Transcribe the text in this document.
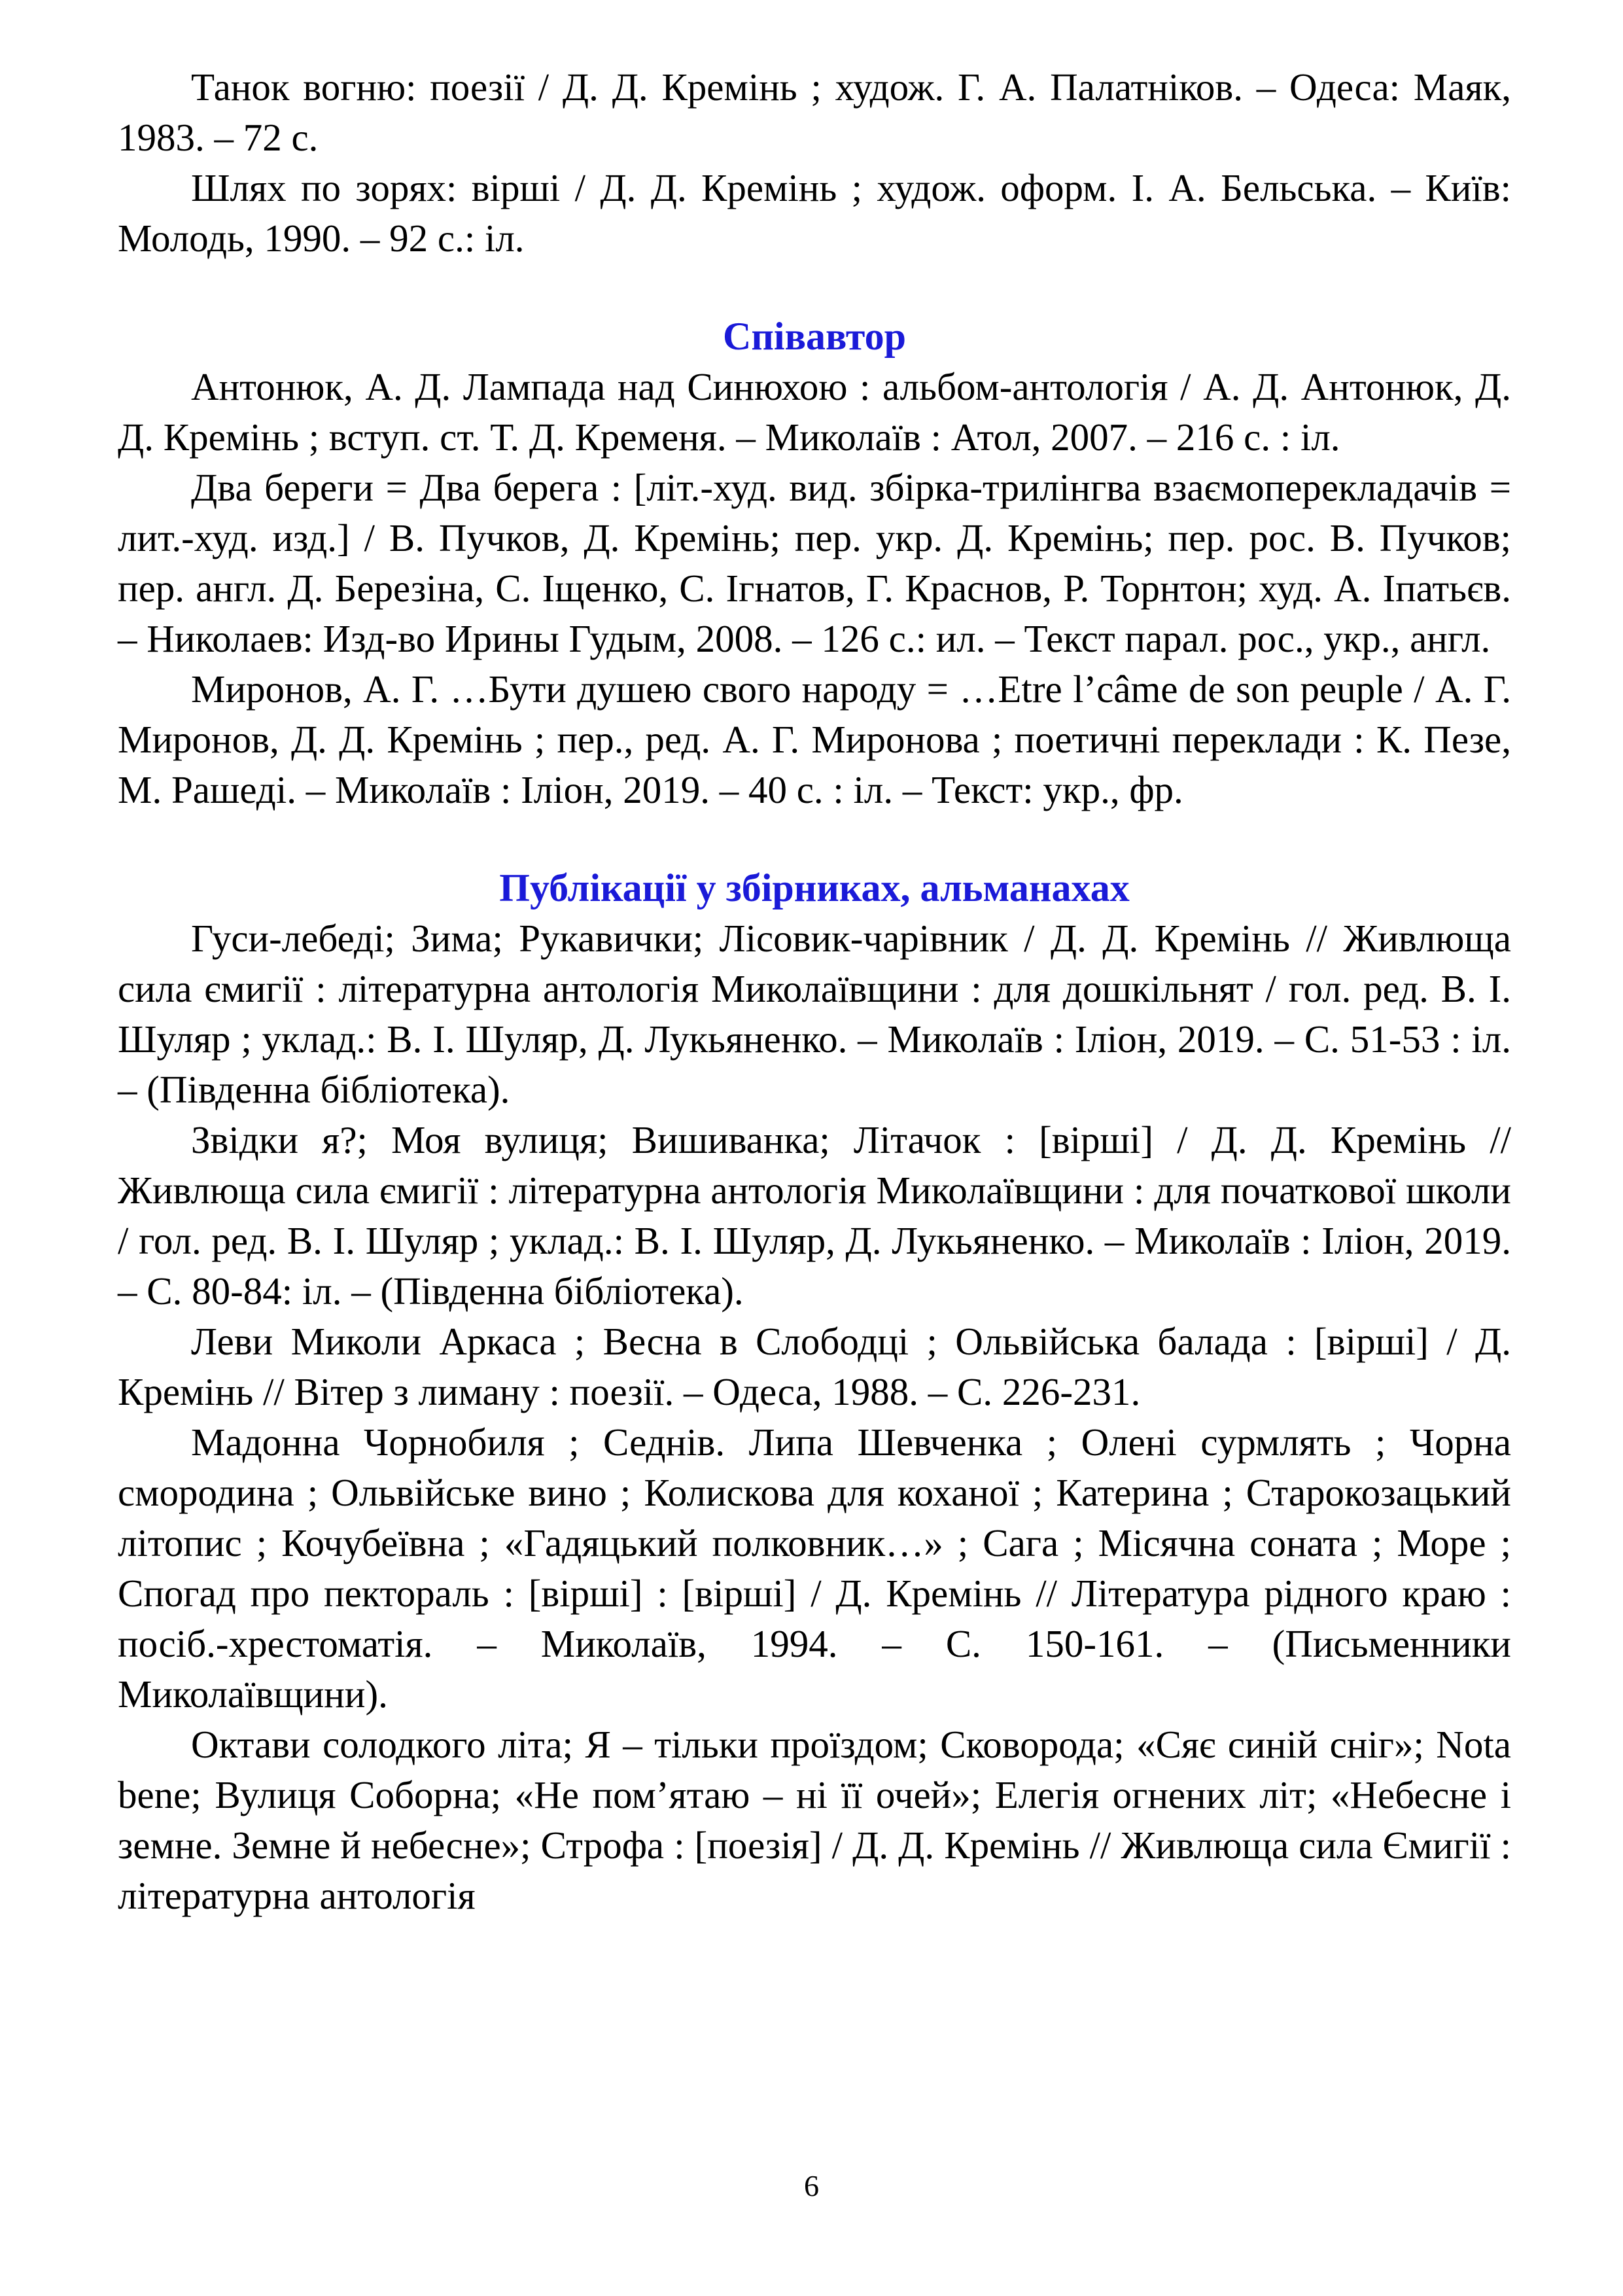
Танок вогню: поезії / Д. Д. Кремінь ; худож. Г. А. Палатніков. – Одеса: Маяк, 1983. – 72 с.

Шлях по зорях: вірші / Д. Д. Кремінь ; худож. оформ. І. А. Бельська. – Київ: Молодь, 1990. – 92 с.: іл.

Співавтор

Антонюк, А. Д. Лампада над Синюхою : альбом-антологія / А. Д. Антонюк, Д. Д. Кремінь ; вступ. ст. Т. Д. Кременя. – Миколаїв : Атол, 2007. – 216 с. : іл.

Два береги = Два берега : [літ.-худ. вид. збірка-трилінгва взаємоперекладачів = лит.-худ. изд.] / В. Пучков, Д. Кремінь; пер. укр. Д. Кремінь; пер. рос. В. Пучков; пер. англ. Д. Березіна, С. Іщенко, С. Ігнатов, Г. Краснов, Р. Торнтон; худ. А. Іпатьєв. – Николаев: Изд-во Ирины Гудым, 2008. – 126 с.: ил. – Текст парал. рос., укр., англ.

Миронов, А. Г. …Бути душею свого народу = …Etre l’câme de son peuple / А. Г. Миронов, Д. Д. Кремінь ; пер., ред. А. Г. Миронова ; поетичні переклади : К. Пезе, М. Рашеді. – Миколаїв : Іліон, 2019. – 40 с. : іл. – Текст: укр., фр.

Публікації у збірниках, альманахах

Гуси-лебеді; Зима; Рукавички; Лісовик-чарівник / Д. Д. Кремінь // Живлюща сила ємигії : літературна антологія Миколаївщини : для дошкільнят / гол. ред. В. І. Шуляр ; уклад.: В. І. Шуляр, Д. Лукьяненко. – Миколаїв : Іліон, 2019. – С. 51-53 : іл. – (Південна бібліотека).

Звідки я?; Моя вулиця; Вишиванка; Літачок : [вірші] / Д. Д. Кремінь // Живлюща сила ємигії : літературна антологія Миколаївщини : для початкової школи / гол. ред. В. І. Шуляр ; уклад.: В. І. Шуляр, Д. Лукьяненко. – Миколаїв : Іліон, 2019. – С. 80-84: іл. – (Південна бібліотека).

Леви Миколи Аркаса ; Весна в Слободці ; Ольвійська балада : [вірші] / Д. Кремінь // Вітер з лиману : поезії. – Одеса, 1988. – С. 226-231.

Мадонна Чорнобиля ; Седнів. Липа Шевченка ; Олені сурмлять ; Чорна смородина ; Ольвійське вино ; Колискова для коханої ; Катерина ; Старокозацький літопис ; Кочубеївна ; «Гадяцький полковник…» ; Сага ; Місячна соната ; Море ; Спогад про пектораль : [вірші] : [вірші] / Д. Кремінь // Література рідного краю : посіб.-хрестоматія. – Миколаїв, 1994. – С. 150-161. – (Письменники Миколаївщини).

Октави солодкого літа; Я – тільки проїздом; Сковорода; «Сяє синій сніг»; Nota bene; Вулиця Соборна; «Не пом’ятаю – ні її очей»; Елегія огнених літ; «Небесне і земне. Земне й небесне»; Строфа : [поезія] / Д. Д. Кремінь // Живлюща сила Ємигії : літературна антологія

6
